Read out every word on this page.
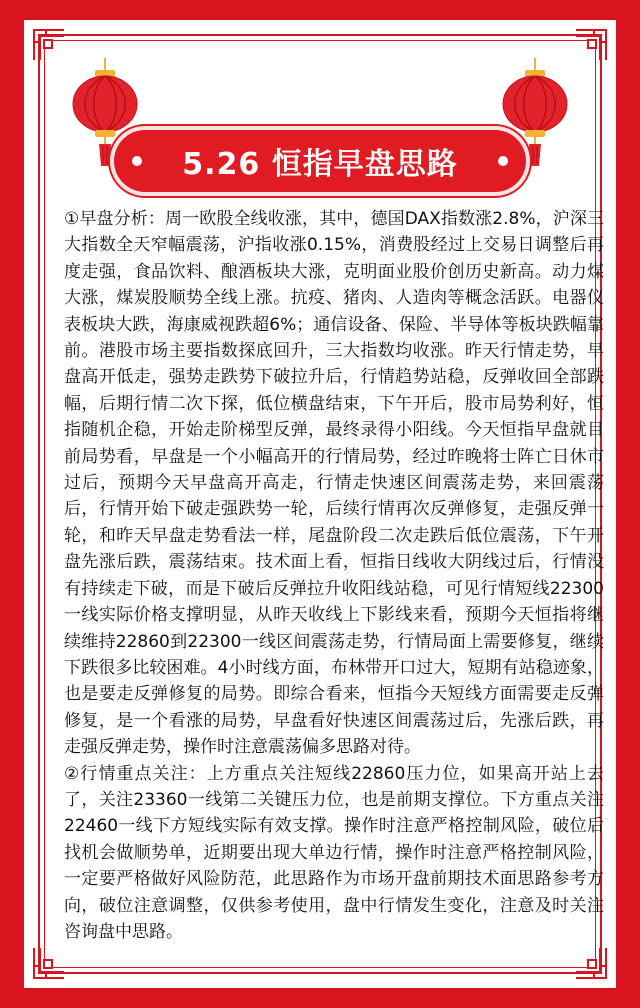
5.26 恒指早盘思路

①早盘分析：周一欧股全线收涨，其中，德国DAX指数涨2.8%，沪深三大指数全天窄幅震荡，沪指收涨0.15%，消费股经过上交易日调整后再度走强，食品饮料、酿酒板块大涨，克明面业股价创历史新高。动力煤大涨，煤炭股顺势全线上涨。抗疫、猪肉、人造肉等概念活跃。电器仪表板块大跌，海康威视跌超6%；通信设备、保险、半导体等板块跌幅靠前。港股市场主要指数探底回升，三大指数均收涨。昨天行情走势，早盘高开低走，强势走跌势下破拉升后，行情趋势站稳，反弹收回全部跌幅，后期行情二次下探，低位横盘结束，下午开后，股市局势利好，恒指随机企稳，开始走阶梯型反弹，最终录得小阳线。今天恒指早盘就目前局势看，早盘是一个小幅高开的行情局势，经过昨晚将士阵亡日休市过后，预期今天早盘高开高走，行情走快速区间震荡走势，来回震荡后，行情开始下破走强跌势一轮，后续行情再次反弹修复，走强反弹一轮，和昨天早盘走势看法一样，尾盘阶段二次走跌后低位震荡，下午开盘先涨后跌，震荡结束。技术面上看，恒指日线收大阴线过后，行情没有持续走下破，而是下破后反弹拉升收阳线站稳，可见行情短线22300一线实际价格支撑明显，从昨天收线上下影线来看，预期今天恒指将继续维持22860到22300一线区间震荡走势，行情局面上需要修复，继续下跌很多比较困难。4小时线方面，布林带开口过大，短期有站稳迹象，也是要走反弹修复的局势。即综合看来，恒指今天短线方面需要走反弹修复，是一个看涨的局势，早盘看好快速区间震荡过后，先涨后跌，再走强反弹走势，操作时注意震荡偏多思路对待。

②行情重点关注：上方重点关注短线22860压力位，如果高开站上去了，关注23360一线第二关键压力位，也是前期支撑位。下方重点关注22460一线下方短线实际有效支撑。操作时注意严格控制风险，破位后找机会做顺势单，近期要出现大单边行情，操作时注意严格控制风险，一定要严格做好风险防范，此思路作为市场开盘前期技术面思路参考方向，破位注意调整，仅供参考使用，盘中行情发生变化，注意及时关注咨询盘中思路。
